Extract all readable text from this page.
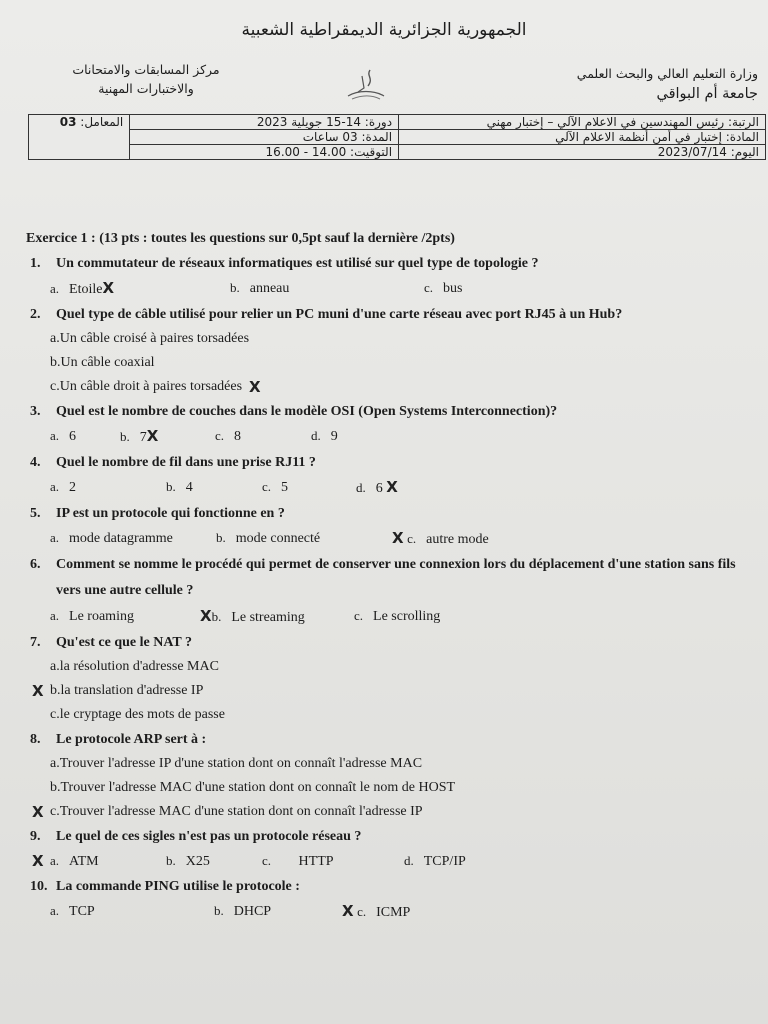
الجمهورية الجزائرية الديمقراطية الشعبية
مركز المسابقات والامتحانات
والاختبارات المهنية
وزارة التعليم العالي والبحث العلمي
جامعة أم البواقي
الرتبة: رئيس المهندسين في الاعلام الآلي – إختبار مهني	دورة: 14-15 جويلية 2023	المعامل: 03
المادة: إختبار في أمن أنظمة الاعلام الآلي	المدة: 03 ساعات	
اليوم: 2023/07/14	التوقيت: 14.00 - 16.00	
Exercice 1 : (13 pts : toutes les questions sur 0,5pt sauf la dernière /2pts)
1. Un commutateur de réseaux informatiques est utilisé sur quel type de topologie ?
a. EtoileX	b. anneau	c. bus
2. Quel type de câble utilisé pour relier un PC muni d'une carte réseau avec port RJ45 à un Hub?
a. Un câble croisé à paires torsadées
b. Un câble coaxial
c. Un câble droit à paires torsadées
X
3. Quel est le nombre de couches dans le modèle OSI (Open Systems Interconnection)?
a. 6	b. 7X	c. 8	d. 9
4. Quel le nombre de fil dans une prise RJ11 ?
a. 2	b. 4	c. 5	d. 6 X
5. IP est un protocole qui fonctionne en ?
a. mode datagramme	b. mode connecté	X c. autre mode
6. Comment se nomme le procédé qui permet de conserver une connexion lors du déplacement d'une station sans fils vers une autre cellule ?
a. Le roaming	Xb. Le streaming	c. Le scrolling
7. Qu'est ce que le NAT ?
a. la résolution d'adresse MAC
X b. la translation d'adresse IP
c. le cryptage des mots de passe
8. Le protocole ARP sert à :
a. Trouver l'adresse IP d'une station dont on connaît l'adresse MAC
b. Trouver l'adresse MAC d'une station dont on connaît le nom de HOST
X c. Trouver l'adresse MAC d'une station dont on connaît l'adresse IP
9. Le quel de ces sigles n'est pas un protocole réseau ?
X a. ATM	b. X25	c. HTTP	d. TCP/IP
10. La commande PING utilise le protocole :
a. TCP	b. DHCP	X c. ICMP
